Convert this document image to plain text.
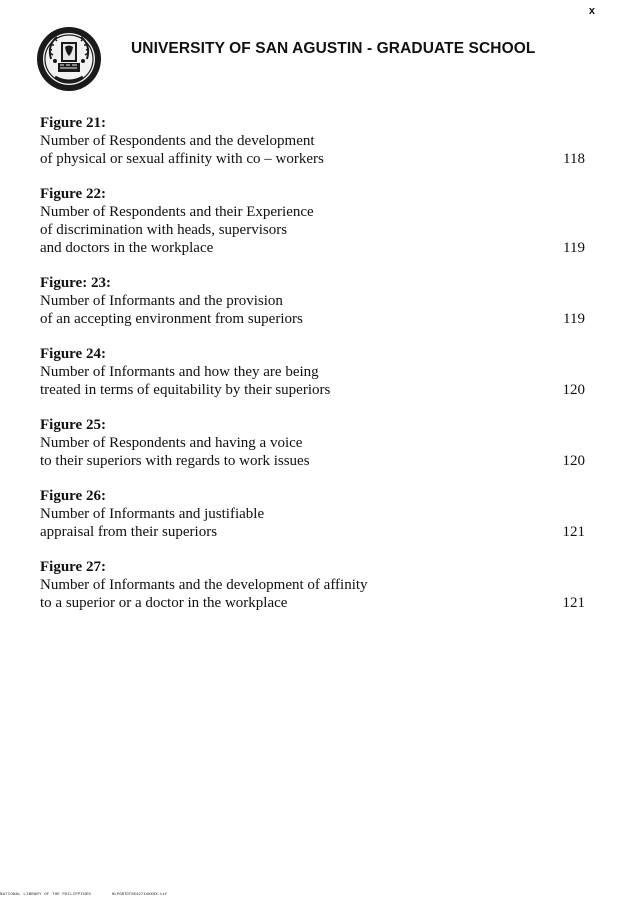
x
UNIVERSITY OF SAN AGUSTIN - GRADUATE SCHOOL
Figure 21:
Number of Respondents and the development
of physical or sexual affinity with co – workers	118
Figure 22:
Number of Respondents and their Experience
of discrimination with heads, supervisors
and doctors in the workplace	119
Figure: 23:
Number of Informants and the provision
of an accepting environment from superiors	119
Figure 24:
Number of Informants and how they are being
treated in terms of equitability by their superiors	120
Figure 25:
Number of Respondents and having a voice
to their superiors with regards to work issues	120
Figure 26:
Number of Informants and justifiable
appraisal from their superiors	121
Figure 27:
Number of Informants and the development of affinity
to a superior or a doctor in the workplace	121
NATIONAL LIBRARY OF THE PHILIPPINES	NLPGRTDT0542714XXXX.tif
